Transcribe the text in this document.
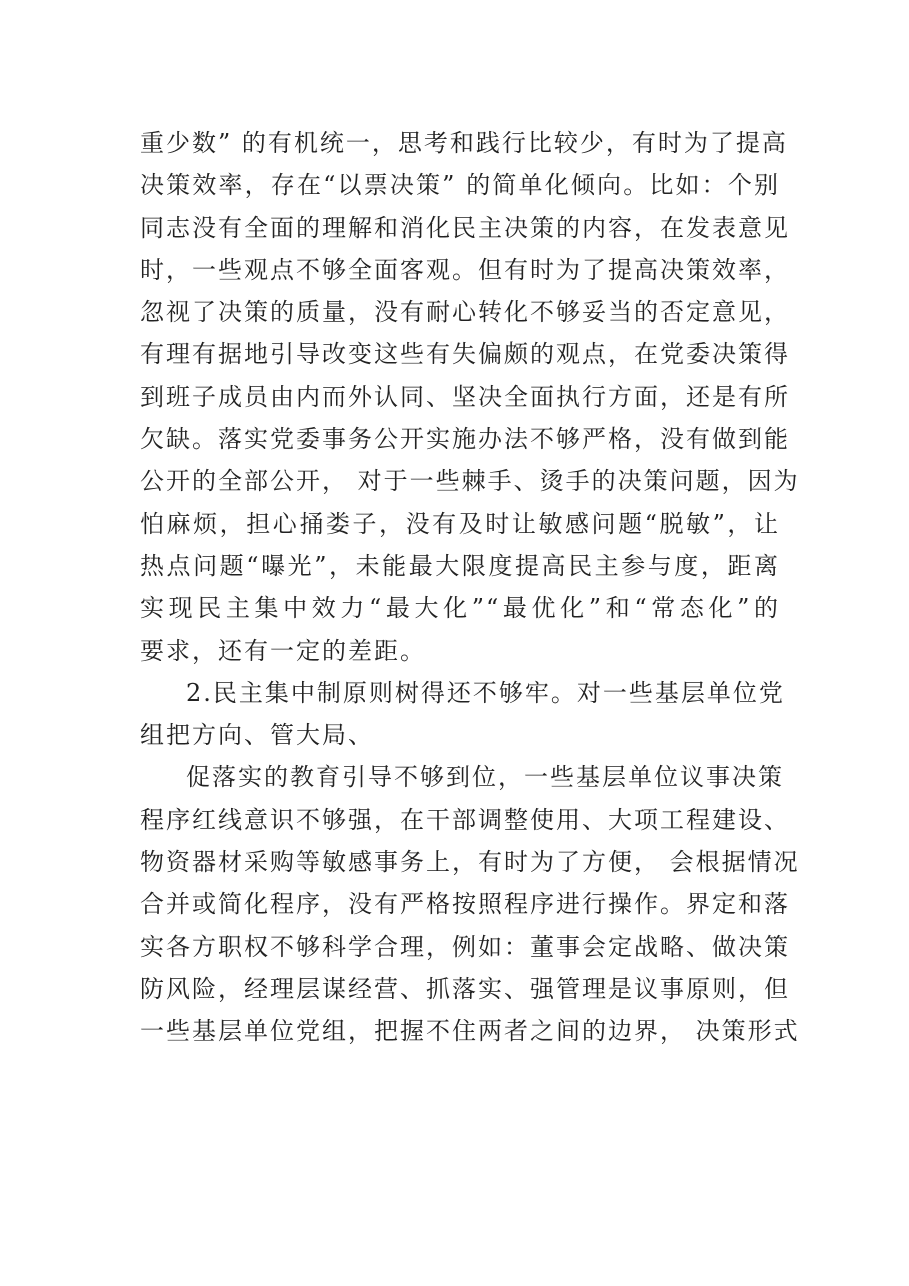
重少数” 的有机统一，思考和践行比较少，有时为了提高
决策效率，存在“以票决策” 的简单化倾向。比如：个别
同志没有全面的理解和消化民主决策的内容，在发表意见
时，一些观点不够全面客观。但有时为了提高决策效率，
忽视了决策的质量，没有耐心转化不够妥当的否定意见，
有理有据地引导改变这些有失偏颇的观点，在党委决策得
到班子成员由内而外认同、坚决全面执行方面，还是有所
欠缺。落实党委事务公开实施办法不够严格，没有做到能
公开的全部公开， 对于一些棘手、烫手的决策问题，因为
怕麻烦，担心捅娄子，没有及时让敏感问题“脱敏”，让
热点问题“曝光”，未能最大限度提高民主参与度，距离
实现民主集中效力“最大化”“最优化”和“常态化”的
要求，还有一定的差距。

2.民主集中制原则树得还不够牢。对一些基层单位党
组把方向、管大局、

促落实的教育引导不够到位，一些基层单位议事决策
程序红线意识不够强，在干部调整使用、大项工程建设、
物资器材采购等敏感事务上，有时为了方便， 会根据情况
合并或简化程序，没有严格按照程序进行操作。界定和落
实各方职权不够科学合理，例如：董事会定战略、做决策
防风险，经理层谋经营、抓落实、强管理是议事原则，但
一些基层单位党组，把握不住两者之间的边界， 决策形式
